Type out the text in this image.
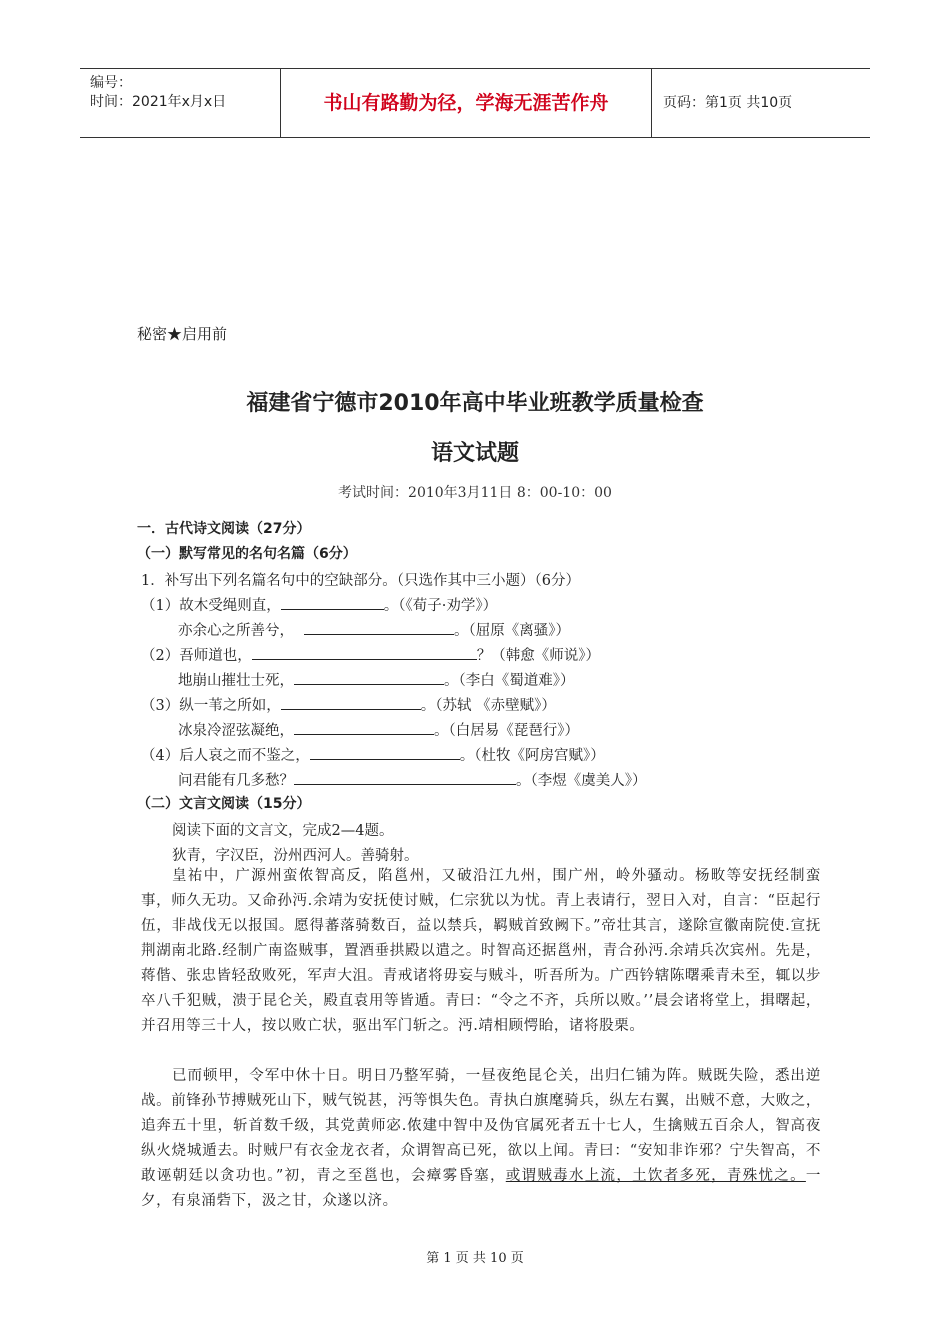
编号：
时间：2021年x月x日	书山有路勤为径，学海无涯苦作舟	页码：第1页 共10页
秘密★启用前
福建省宁德市2010年高中毕业班教学质量检查
语文试题
考试时间：2010年3月11日 8：00-10：00
一．古代诗文阅读（27分）
（一）默写常见的名句名篇（6分）
1．补写出下列名篇名句中的空缺部分。（只选作其中三小题）（6分）
（1）故木受绳则直，	。（《荀子·劝学》）
亦余心之所善兮，	。（屈原《离骚》）
（2）吾师道也，	？（韩愈《师说》）
地崩山摧壮士死，	。（李白《蜀道难》）
（3）纵一苇之所如，	。（苏轼 《赤壁赋》）
冰泉冷涩弦凝绝，	。（白居易《琵琶行》）
（4）后人哀之而不鉴之，	。（杜牧《阿房宫赋》）
问君能有几多愁？	。（李煜《虞美人》）
（二）文言文阅读（15分）
阅读下面的文言文，完成2—4题。
狄青，字汉臣，汾州西河人。善骑射。
皇祐中，广源州蛮侬智高反，陷邕州，又破沿江九州，围广州，岭外骚动。杨畋等安抚经制蛮事，师久无功。又命孙沔.余靖为安抚使讨贼，仁宗犹以为忧。青上表请行，翌日入对，自言：“臣起行伍，非战伐无以报国。愿得蕃落骑数百，益以禁兵，羁贼首致阙下。”帝壮其言，遂除宣徽南院使.宣抚荆湖南北路.经制广南盗贼事，置酒垂拱殿以遣之。时智高还据邕州，青合孙沔.余靖兵次宾州。先是，蒋偕、张忠皆轻敌败死，军声大沮。青戒诸将毋妄与贼斗，听吾所为。广西钤辖陈曙乘青未至，辄以步卒八千犯贼，溃于昆仑关，殿直袁用等皆遁。青曰：“令之不齐，兵所以败。’’晨会诸将堂上，揖曙起，并召用等三十人，按以败亡状，驱出军门斩之。沔.靖相顾愕眙，诸将股栗。
已而顿甲，令军中休十日。明日乃整军骑，一昼夜绝昆仑关，出归仁铺为阵。贼既失险，悉出逆战。前锋孙节搏贼死山下，贼气锐甚，沔等惧失色。青执白旗麾骑兵，纵左右翼，出贼不意，大败之，追奔五十里，斩首数千级，其党黄师宓.侬建中智中及伪官属死者五十七人，生擒贼五百余人，智高夜纵火烧城遁去。时贼尸有衣金龙衣者，众谓智高已死，欲以上闻。青曰：“安知非诈邪？宁失智高，不敢诬朝廷以贪功也。”初，青之至邕也，会瘴雾昏塞，或谓贼毒水上流，土饮者多死，青殊忧之。一夕，有泉涌砦下，汲之甘，众遂以济。
第 1 页 共 10 页
